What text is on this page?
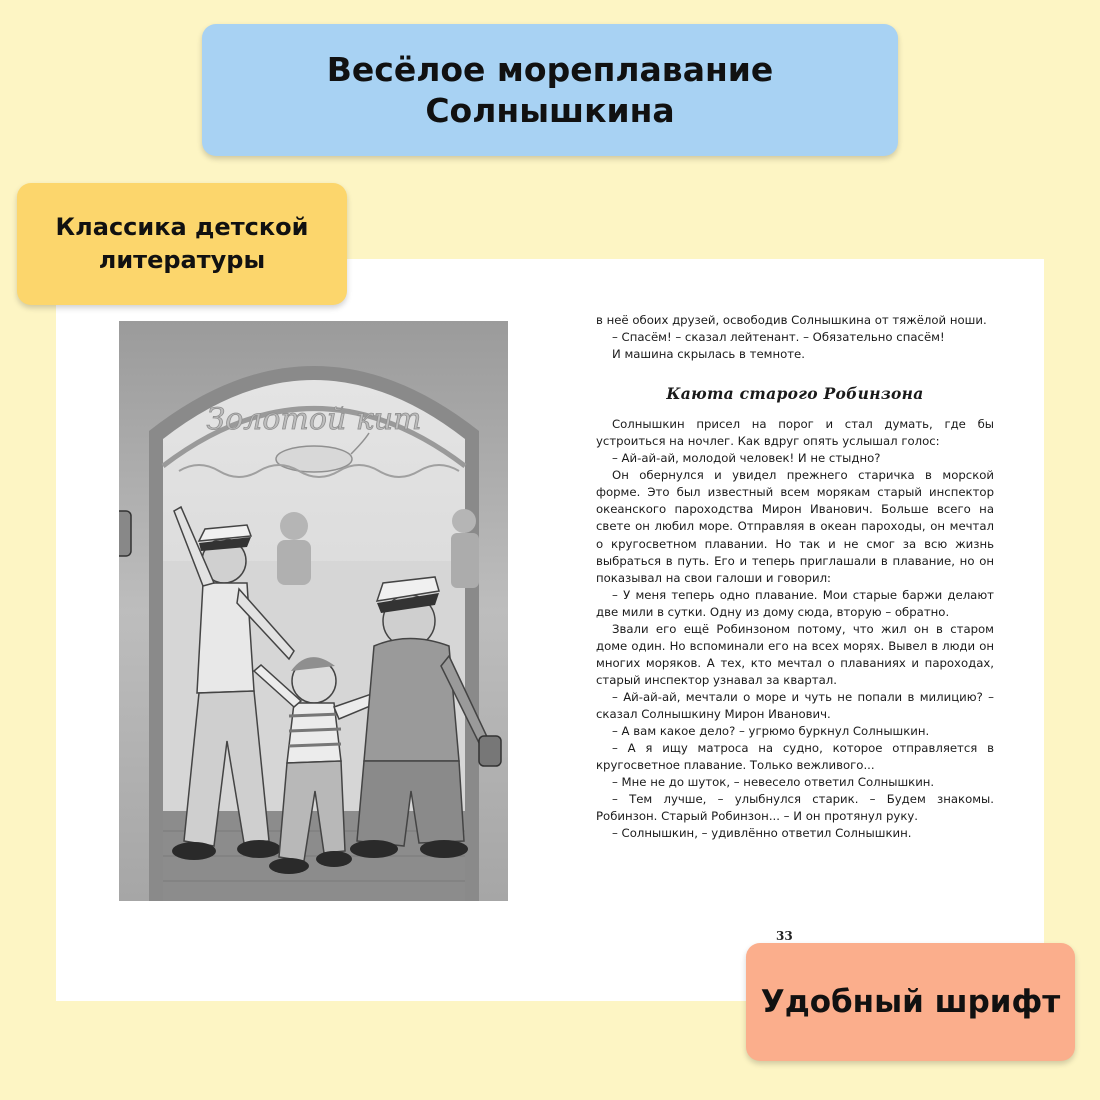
Весёлое мореплавание
Солнышкина
Классика детской
литературы
Удобный шрифт
Золотой кит

в неё обоих друзей, освободив Солнышкина от тяжёлой ноши.

– Спасём! – сказал лейтенант. – Обязательно спасём!

И машина скрылась в темноте.

Каюта старого Робинзона

Солнышкин присел на порог и стал думать, где бы устроиться на ночлег. Как вдруг опять услышал голос:

– Ай-ай-ай, молодой человек! И не стыдно?

Он обернулся и увидел прежнего старичка в морской форме. Это был известный всем морякам старый инспектор океанского пароходства Мирон Иванович. Больше всего на свете он любил море. Отправляя в океан пароходы, он мечтал о кругосветном плавании. Но так и не смог за всю жизнь выбраться в путь. Его и теперь приглашали в плавание, но он показывал на свои галоши и говорил:

– У меня теперь одно плавание. Мои старые баржи делают две мили в сутки. Одну из дому сюда, вторую – обратно.

Звали его ещё Робинзоном потому, что жил он в старом доме один. Но вспоминали его на всех морях. Вывел в люди он многих моряков. А тех, кто мечтал о плаваниях и пароходах, старый инспектор узнавал за квартал.

– Ай-ай-ай, мечтали о море и чуть не попали в милицию? – сказал Солнышкину Мирон Иванович.

– А вам какое дело? – угрюмо буркнул Солнышкин.

– А я ищу матроса на судно, которое отправляется в кругосветное плавание. Только вежливого...

– Мне не до шуток, – невесело ответил Солнышкин.

– Тем лучше, – улыбнулся старик. – Будем знакомы. Робинзон. Старый Робинзон... – И он протянул руку.

– Солнышкин, – удивлённо ответил Солнышкин.

33
